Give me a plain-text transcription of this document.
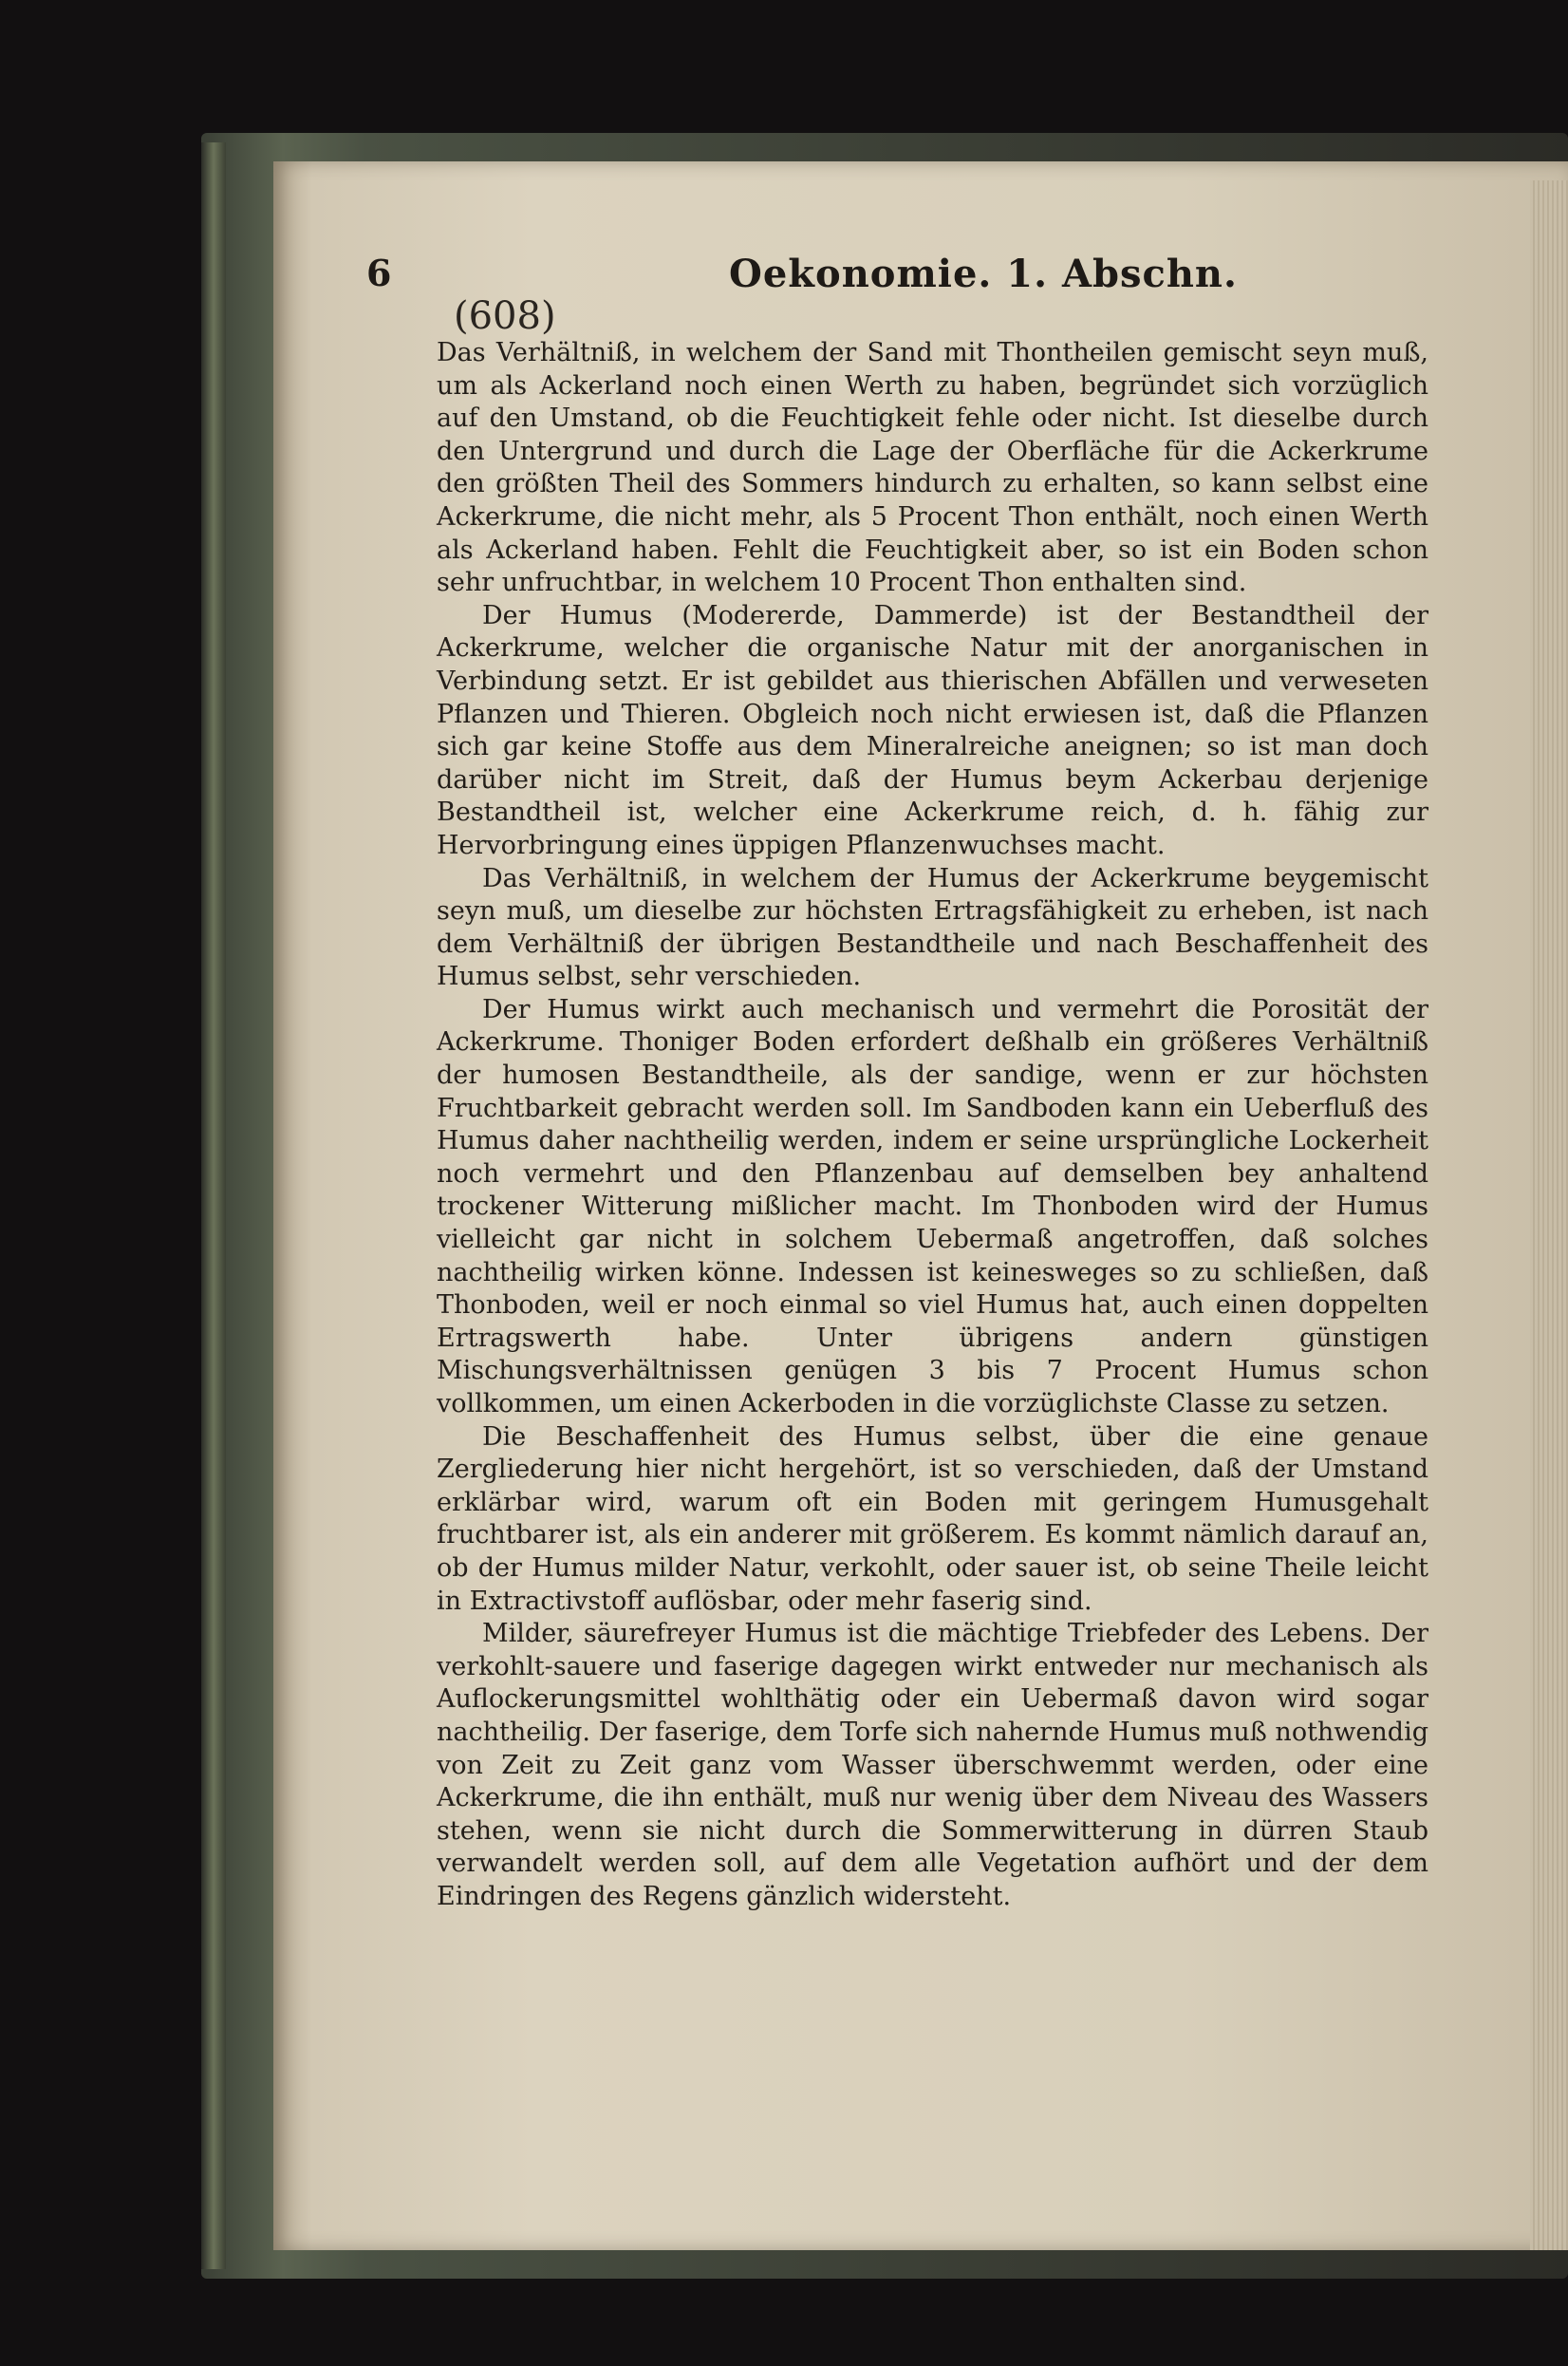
6	Oekonomie. 1. Abschn.
(608)

Das Verhältniß, in welchem der Sand mit Thontheilen gemischt seyn muß, um als Ackerland noch einen Werth zu haben, begründet sich vorzüglich auf den Umstand, ob die Feuchtigkeit fehle oder nicht. Ist dieselbe durch den Untergrund und durch die Lage der Oberfläche für die Ackerkrume den größten Theil des Sommers hindurch zu erhalten, so kann selbst eine Ackerkrume, die nicht mehr, als 5 Procent Thon enthält, noch einen Werth als Ackerland haben. Fehlt die Feuchtigkeit aber, so ist ein Boden schon sehr unfruchtbar, in welchem 10 Procent Thon enthalten sind.

Der Humus (Modererde, Dammerde) ist der Bestandtheil der Ackerkrume, welcher die organische Natur mit der anorganischen in Verbindung setzt. Er ist gebildet aus thierischen Abfällen und verweseten Pflanzen und Thieren. Obgleich noch nicht erwiesen ist, daß die Pflanzen sich gar keine Stoffe aus dem Mineralreiche aneignen; so ist man doch darüber nicht im Streit, daß der Humus beym Ackerbau derjenige Bestandtheil ist, welcher eine Ackerkrume reich, d. h. fähig zur Hervorbringung eines üppigen Pflanzenwuchses macht.

Das Verhältniß, in welchem der Humus der Ackerkrume beygemischt seyn muß, um dieselbe zur höchsten Ertragsfähigkeit zu erheben, ist nach dem Verhältniß der übrigen Bestandtheile und nach Beschaffenheit des Humus selbst, sehr verschieden.

Der Humus wirkt auch mechanisch und vermehrt die Porosität der Ackerkrume. Thoniger Boden erfordert deßhalb ein größeres Verhältniß der humosen Bestandtheile, als der sandige, wenn er zur höchsten Fruchtbarkeit gebracht werden soll. Im Sandboden kann ein Ueberfluß des Humus daher nachtheilig werden, indem er seine ursprüngliche Lockerheit noch vermehrt und den Pflanzenbau auf demselben bey anhaltend trockener Witterung mißlicher macht. Im Thonboden wird der Humus vielleicht gar nicht in solchem Uebermaß angetroffen, daß solches nachtheilig wirken könne. Indessen ist keinesweges so zu schließen, daß Thonboden, weil er noch einmal so viel Humus hat, auch einen doppelten Ertragswerth habe. Unter übrigens andern günstigen Mischungsverhältnissen genügen 3 bis 7 Procent Humus schon vollkommen, um einen Ackerboden in die vorzüglichste Classe zu setzen.

Die Beschaffenheit des Humus selbst, über die eine genaue Zergliederung hier nicht hergehört, ist so verschieden, daß der Umstand erklärbar wird, warum oft ein Boden mit geringem Humusgehalt fruchtbarer ist, als ein anderer mit größerem. Es kommt nämlich darauf an, ob der Humus milder Natur, verkohlt, oder sauer ist, ob seine Theile leicht in Extractivstoff auflösbar, oder mehr faserig sind.

Milder, säurefreyer Humus ist die mächtige Triebfeder des Lebens. Der verkohlt-sauere und faserige dagegen wirkt entweder nur mechanisch als Auflockerungsmittel wohlthätig oder ein Uebermaß davon wird sogar nachtheilig. Der faserige, dem Torfe sich nahernde Humus muß nothwendig von Zeit zu Zeit ganz vom Wasser überschwemmt werden, oder eine Ackerkrume, die ihn enthält, muß nur wenig über dem Niveau des Wassers stehen, wenn sie nicht durch die Sommerwitterung in dürren Staub verwandelt werden soll, auf dem alle Vegetation aufhört und der dem Eindringen des Regens gänzlich widersteht.
